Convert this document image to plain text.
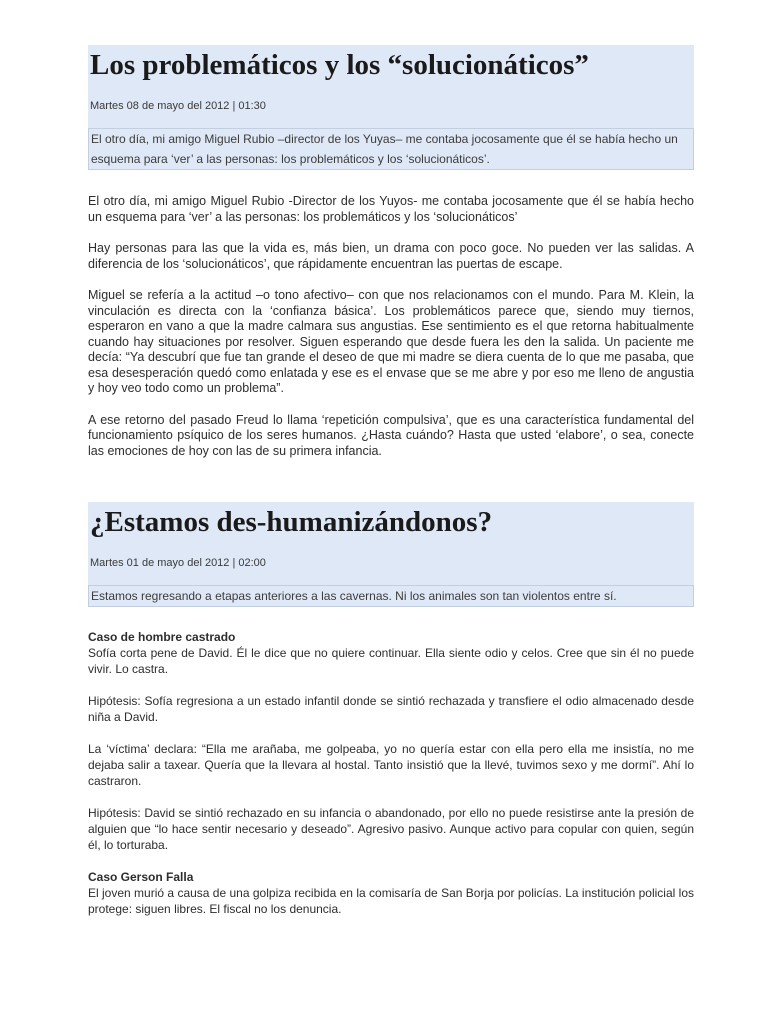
Los problemáticos y los “solucionáticos”
Martes 08 de mayo del 2012 | 01:30
El otro día, mi amigo Miguel Rubio –director de los Yuyas– me contaba jocosamente que él se había hecho un esquema para ‘ver’ a las personas: los problemáticos y los ‘solucionáticos’.

El otro día, mi amigo Miguel Rubio -Director de los Yuyos- me contaba jocosamente que él se había hecho un esquema para ‘ver’ a las personas: los problemáticos y los ‘solucionáticos’

Hay personas para las que la vida es, más bien, un drama con poco goce. No pueden ver las salidas. A diferencia de los ‘solucionáticos’, que rápidamente encuentran las puertas de escape.

Miguel se refería a la actitud –o tono afectivo– con que nos relacionamos con el mundo. Para M. Klein, la vinculación es directa con la ‘confianza básica’. Los problemáticos parece que, siendo muy tiernos, esperaron en vano a que la madre calmara sus angustias. Ese sentimiento es el que retorna habitualmente cuando hay situaciones por resolver. Siguen esperando que desde fuera les den la salida. Un paciente me decía: “Ya descubrí que fue tan grande el deseo de que mi madre se diera cuenta de lo que me pasaba, que esa desesperación quedó como enlatada y ese es el envase que se me abre y por eso me lleno de angustia y hoy veo todo como un problema”.

A ese retorno del pasado Freud lo llama ‘repetición compulsiva’, que es una característica fundamental del funcionamiento psíquico de los seres humanos. ¿Hasta cuándo? Hasta que usted ‘elabore’, o sea, conecte las emociones de hoy con las de su primera infancia.

¿Estamos des-humanizándonos?
Martes 01 de mayo del 2012 | 02:00
Estamos regresando a etapas anteriores a las cavernas. Ni los animales son tan violentos entre sí.

Caso de hombre castrado

Sofía corta pene de David. Él le dice que no quiere continuar. Ella siente odio y celos. Cree que sin él no puede vivir. Lo castra.

Hipótesis: Sofía regresiona a un estado infantil donde se sintió rechazada y transfiere el odio almacenado desde niña a David.

La ‘víctima’ declara: “Ella me arañaba, me golpeaba, yo no quería estar con ella pero ella me insistía, no me dejaba salir a taxear. Quería que la llevara al hostal. Tanto insistió que la llevé, tuvimos sexo y me dormí”. Ahí lo castraron.

Hipótesis: David se sintió rechazado en su infancia o abandonado, por ello no puede resistirse ante la presión de alguien que “lo hace sentir necesario y deseado”. Agresivo pasivo. Aunque activo para copular con quien, según él, lo torturaba.

Caso Gerson Falla

El joven murió a causa de una golpiza recibida en la comisaría de San Borja por policías. La institución policial los protege: siguen libres. El fiscal no los denuncia.
